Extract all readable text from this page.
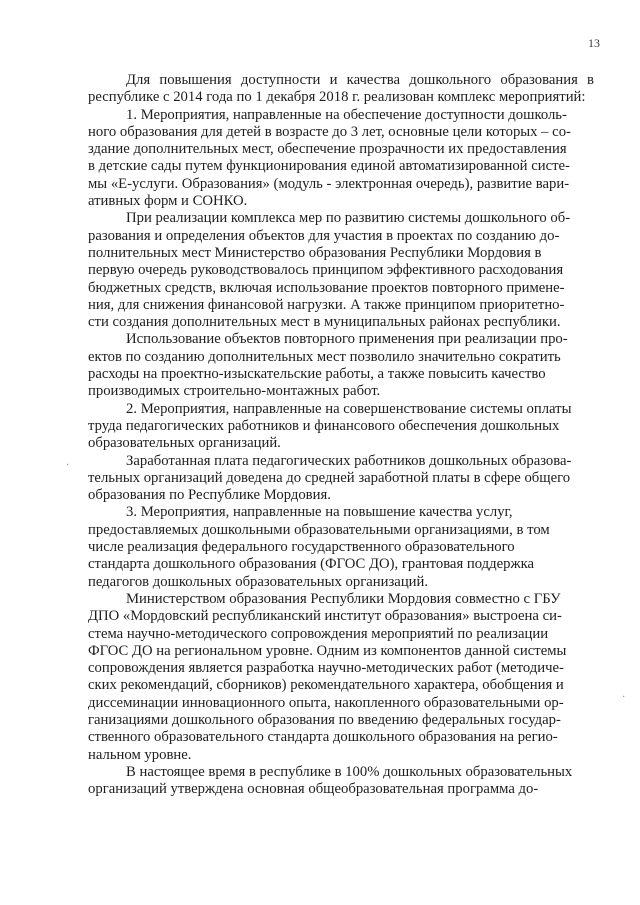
13

Для повышения доступности и качества дошкольного образования в республике с 2014 года по 1 декабря 2018 г. реализован комплекс мероприятий:

1. Мероприятия, направленные на обеспечение доступности дошколь-
ного образования для детей в возрасте до 3 лет, основные цели которых – со-
здание дополнительных мест, обеспечение прозрачности их предоставления
в детские сады путем функционирования единой автоматизированной систе-
мы «Е-услуги. Образования» (модуль - электронная очередь), развитие вари-
ативных форм и СОНКО.

При реализации комплекса мер по развитию системы дошкольного об-
разования и определения объектов для участия в проектах по созданию до-
полнительных мест Министерство образования Республики Мордовия в
первую очередь руководствовалось принципом эффективного расходования
бюджетных средств, включая использование проектов повторного примене-
ния, для снижения финансовой нагрузки. А также принципом приоритетно-
сти создания дополнительных мест в муниципальных районах республики.

Использование объектов повторного применения при реализации про-
ектов по созданию дополнительных мест позволило значительно сократить
расходы на проектно-изыскательские работы, а также повысить качество
производимых строительно-монтажных работ.

2. Мероприятия, направленные на совершенствование системы оплаты
труда педагогических работников и финансового обеспечения дошкольных
образовательных организаций.

Заработанная плата педагогических работников дошкольных образова-
тельных организаций доведена до средней заработной платы в сфере общего
образования по Республике Мордовия.

3. Мероприятия, направленные на повышение качества услуг,
предоставляемых дошкольными образовательными организациями, в том
числе реализация федерального государственного образовательного
стандарта дошкольного образования (ФГОС ДО), грантовая поддержка
педагогов дошкольных образовательных организаций.

Министерством образования Республики Мордовия совместно с ГБУ
ДПО «Мордовский республиканский институт образования» выстроена си-
стема научно-методического сопровождения мероприятий по реализации
ФГОС ДО на региональном уровне. Одним из компонентов данной системы
сопровождения является разработка научно-методических работ (методиче-
ских рекомендаций, сборников) рекомендательного характера, обобщения и
диссеминации инновационного опыта, накопленного образовательными ор-
ганизациями дошкольного образования по введению федеральных государ-
ственного образовательного стандарта дошкольного образования на регио-
нальном уровне.

В настоящее время в республике в 100% дошкольных образовательных
организаций утверждена основная общеобразовательная программа до-

·
·
